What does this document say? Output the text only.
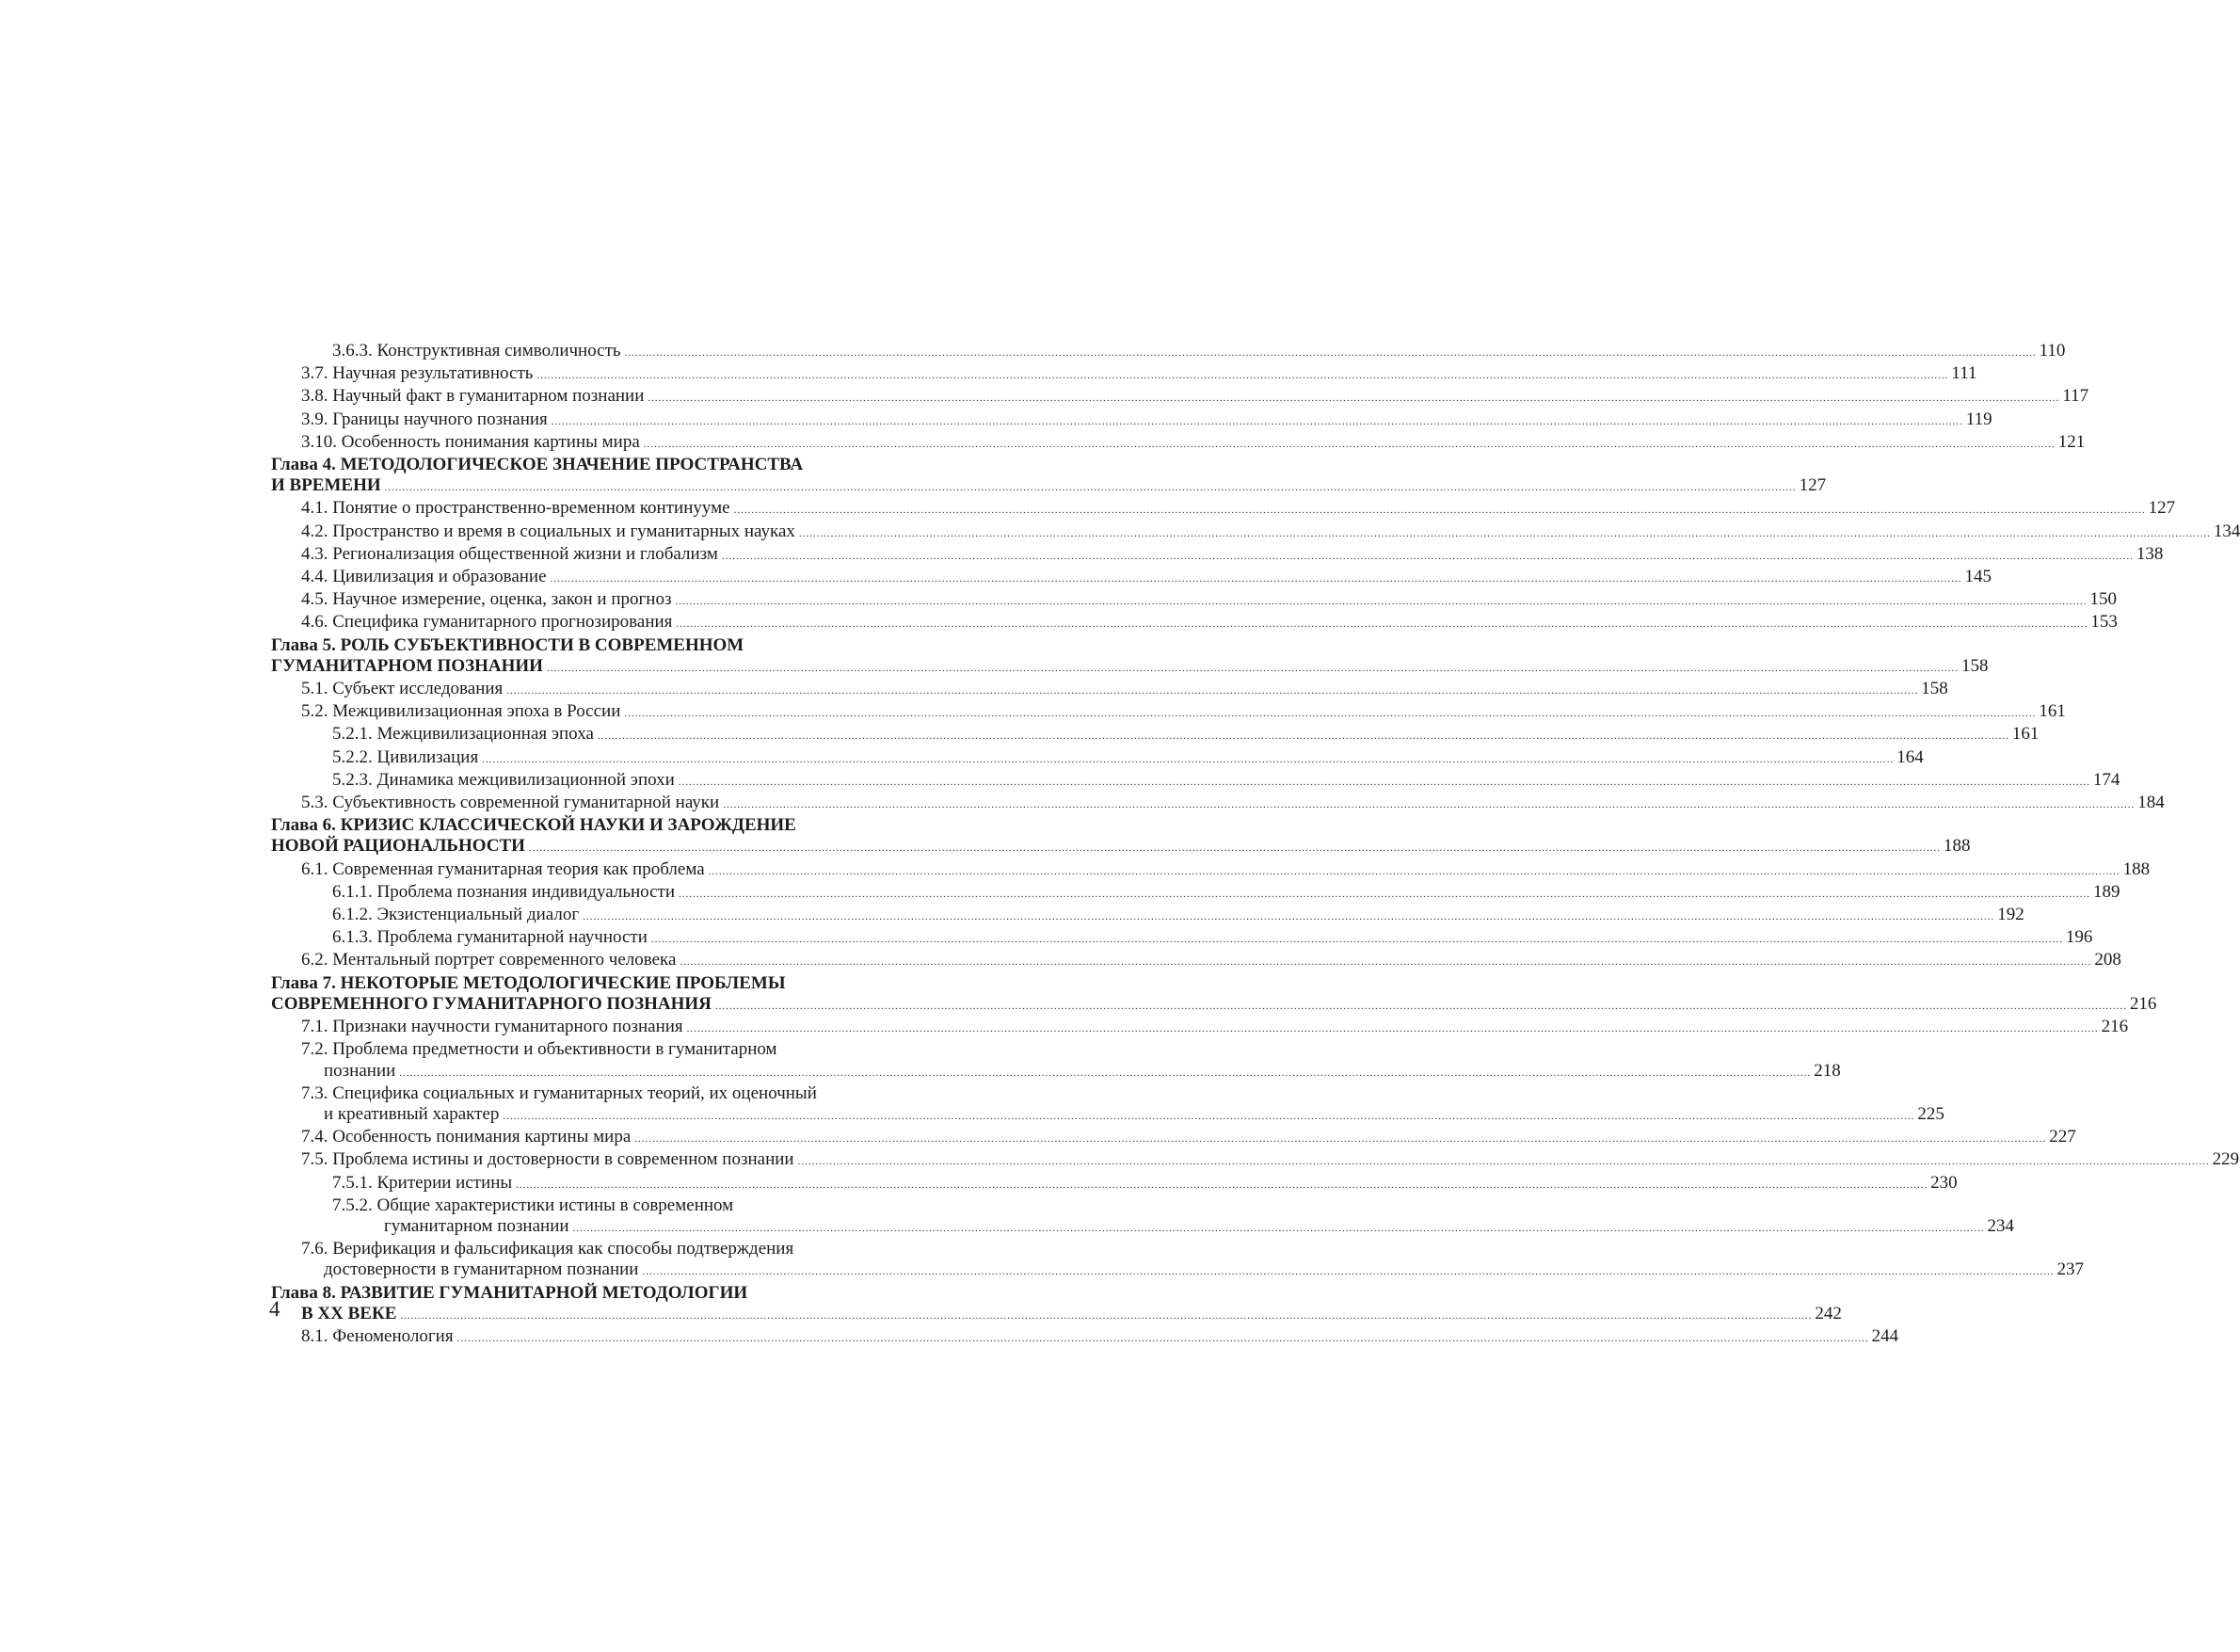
3.6.3. Конструктивная символичность ................................................................................................................................................................................................................................................................................................................................................................................................................ 110
3.7. Научная результативность ................................................................................................................................................................................................................................................................................................................................................................................................................ 111
3.8. Научный факт в гуманитарном познании ................................................................................................................................................................................................................................................................................................................................................................................................................ 117
3.9. Границы научного познания ................................................................................................................................................................................................................................................................................................................................................................................................................ 119
3.10. Особенность понимания картины мира ................................................................................................................................................................................................................................................................................................................................................................................................................ 121
Глава 4. МЕТОДОЛОГИЧЕСКОЕ ЗНАЧЕНИЕ ПРОСТРАНСТВА
И ВРЕМЕНИ ................................................................................................................................................................................................................................................................................................................................................................................................................ 127
4.1. Понятие о пространственно-временном континууме ................................................................................................................................................................................................................................................................................................................................................................................................................ 127
4.2. Пространство и время в социальных и гуманитарных науках ................................................................................................................................................................................................................................................................................................................................................................................................................ 134
4.3. Регионализация общественной жизни и глобализм ................................................................................................................................................................................................................................................................................................................................................................................................................ 138
4.4. Цивилизация и образование ................................................................................................................................................................................................................................................................................................................................................................................................................ 145
4.5. Научное измерение, оценка, закон и прогноз ................................................................................................................................................................................................................................................................................................................................................................................................................ 150
4.6. Специфика гуманитарного прогнозирования ................................................................................................................................................................................................................................................................................................................................................................................................................ 153
Глава 5. РОЛЬ СУБЪЕКТИВНОСТИ В СОВРЕМЕННОМ
ГУМАНИТАРНОМ ПОЗНАНИИ ................................................................................................................................................................................................................................................................................................................................................................................................................ 158
5.1. Субъект исследования ................................................................................................................................................................................................................................................................................................................................................................................................................ 158
5.2. Межцивилизационная эпоха в России ................................................................................................................................................................................................................................................................................................................................................................................................................ 161
5.2.1. Межцивилизационная эпоха ................................................................................................................................................................................................................................................................................................................................................................................................................ 161
5.2.2. Цивилизация ................................................................................................................................................................................................................................................................................................................................................................................................................ 164
5.2.3. Динамика межцивилизационной эпохи ................................................................................................................................................................................................................................................................................................................................................................................................................ 174
5.3. Субъективность современной гуманитарной науки ................................................................................................................................................................................................................................................................................................................................................................................................................ 184
Глава 6. КРИЗИС КЛАССИЧЕСКОЙ НАУКИ И ЗАРОЖДЕНИЕ
НОВОЙ РАЦИОНАЛЬНОСТИ ................................................................................................................................................................................................................................................................................................................................................................................................................ 188
6.1. Современная гуманитарная теория как проблема ................................................................................................................................................................................................................................................................................................................................................................................................................ 188
6.1.1. Проблема познания индивидуальности ................................................................................................................................................................................................................................................................................................................................................................................................................ 189
6.1.2. Экзистенциальный диалог ................................................................................................................................................................................................................................................................................................................................................................................................................ 192
6.1.3. Проблема гуманитарной научности ................................................................................................................................................................................................................................................................................................................................................................................................................ 196
6.2. Ментальный портрет современного человека ................................................................................................................................................................................................................................................................................................................................................................................................................ 208
Глава 7. НЕКОТОРЫЕ МЕТОДОЛОГИЧЕСКИЕ ПРОБЛЕМЫ
СОВРЕМЕННОГО ГУМАНИТАРНОГО ПОЗНАНИЯ ................................................................................................................................................................................................................................................................................................................................................................................................................ 216
7.1. Признаки научности гуманитарного познания ................................................................................................................................................................................................................................................................................................................................................................................................................ 216
7.2. Проблема предметности и объективности в гуманитарном
познании ................................................................................................................................................................................................................................................................................................................................................................................................................ 218
7.3. Специфика социальных и гуманитарных теорий, их оценочный
и креативный характер ................................................................................................................................................................................................................................................................................................................................................................................................................ 225
7.4. Особенность понимания картины мира ................................................................................................................................................................................................................................................................................................................................................................................................................ 227
7.5. Проблема истины и достоверности в современном познании ................................................................................................................................................................................................................................................................................................................................................................................................................ 229
7.5.1. Критерии истины ................................................................................................................................................................................................................................................................................................................................................................................................................ 230
7.5.2. Общие характеристики истины в современном
гуманитарном познании ................................................................................................................................................................................................................................................................................................................................................................................................................ 234
7.6. Верификация и фальсификация как способы подтверждения
достоверности в гуманитарном познании ................................................................................................................................................................................................................................................................................................................................................................................................................ 237
Глава 8. РАЗВИТИЕ ГУМАНИТАРНОЙ МЕТОДОЛОГИИ
В XX ВЕКЕ ................................................................................................................................................................................................................................................................................................................................................................................................................ 242
8.1. Феноменология ................................................................................................................................................................................................................................................................................................................................................................................................................ 244
4
